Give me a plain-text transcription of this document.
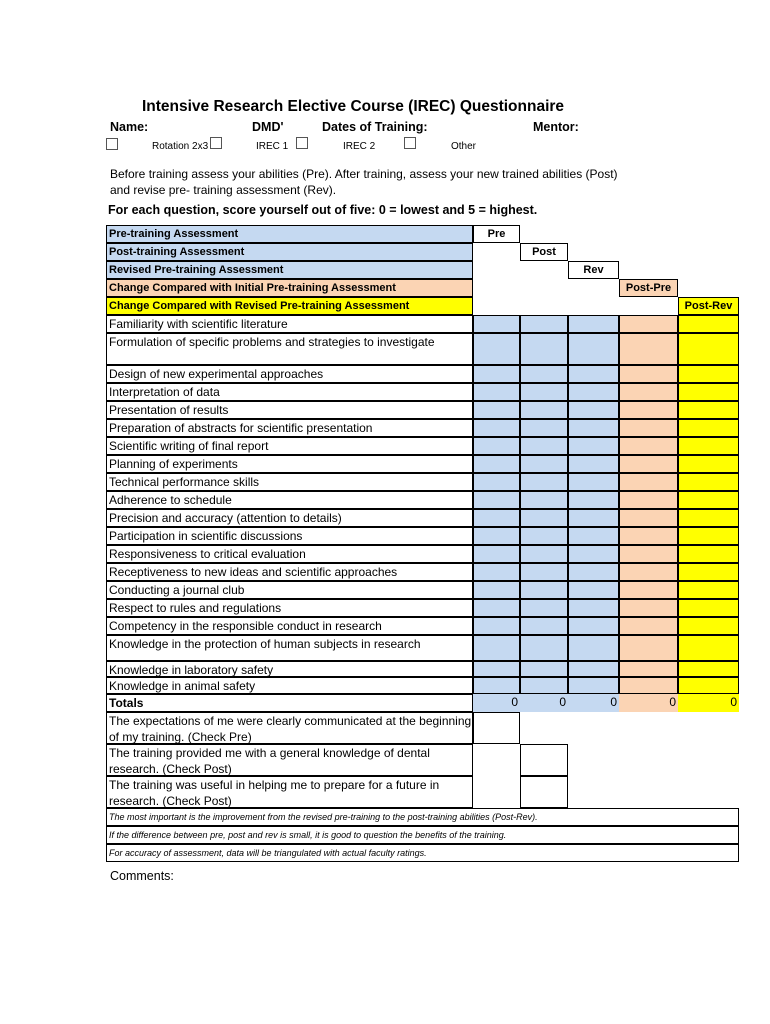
Intensive Research Elective Course (IREC) Questionnaire
Name:	DMD'	Dates of Training:	Mentor:
Rotation 2x3	IREC 1	IREC 2	Other
Before training assess your abilities (Pre). After training, assess your new trained abilities (Post) and revise pre- training assessment (Rev).
For each question, score yourself out of five: 0 = lowest and 5 = highest.
Pre-training Assessment	Pre
Post-training Assessment	Post
Revised Pre-training Assessment	Rev
Change Compared with Initial Pre-training Assessment	Post-Pre
Change Compared with Revised Pre-training Assessment	Post-Rev
Familiarity with scientific literature
Formulation of specific problems and strategies to investigate
Design of new experimental approaches
Interpretation of data
Presentation of results
Preparation of abstracts for scientific presentation
Scientific writing of final report
Planning of experiments
Technical performance skills
Adherence to schedule
Precision and accuracy (attention to details)
Participation in scientific discussions
Responsiveness to critical evaluation
Receptiveness to new ideas and scientific approaches
Conducting a journal club
Respect to rules and regulations
Competency in the responsible conduct in research
Knowledge in the protection of human subjects in research
Knowledge in laboratory safety
Knowledge in animal safety
Totals	0	0	0	0	0
The expectations of me were clearly communicated at the beginning of my training. (Check Pre)
The training provided me with a general knowledge of dental research. (Check Post)
The training was useful in helping me to prepare for a future in research. (Check Post)
The most important is the improvement from the revised pre-training to the post-training abilities (Post-Rev).
If the difference between pre, post and rev is small, it is good to question the benefits of the training.
For accuracy of assessment, data will be triangulated with actual faculty ratings.
Comments:
